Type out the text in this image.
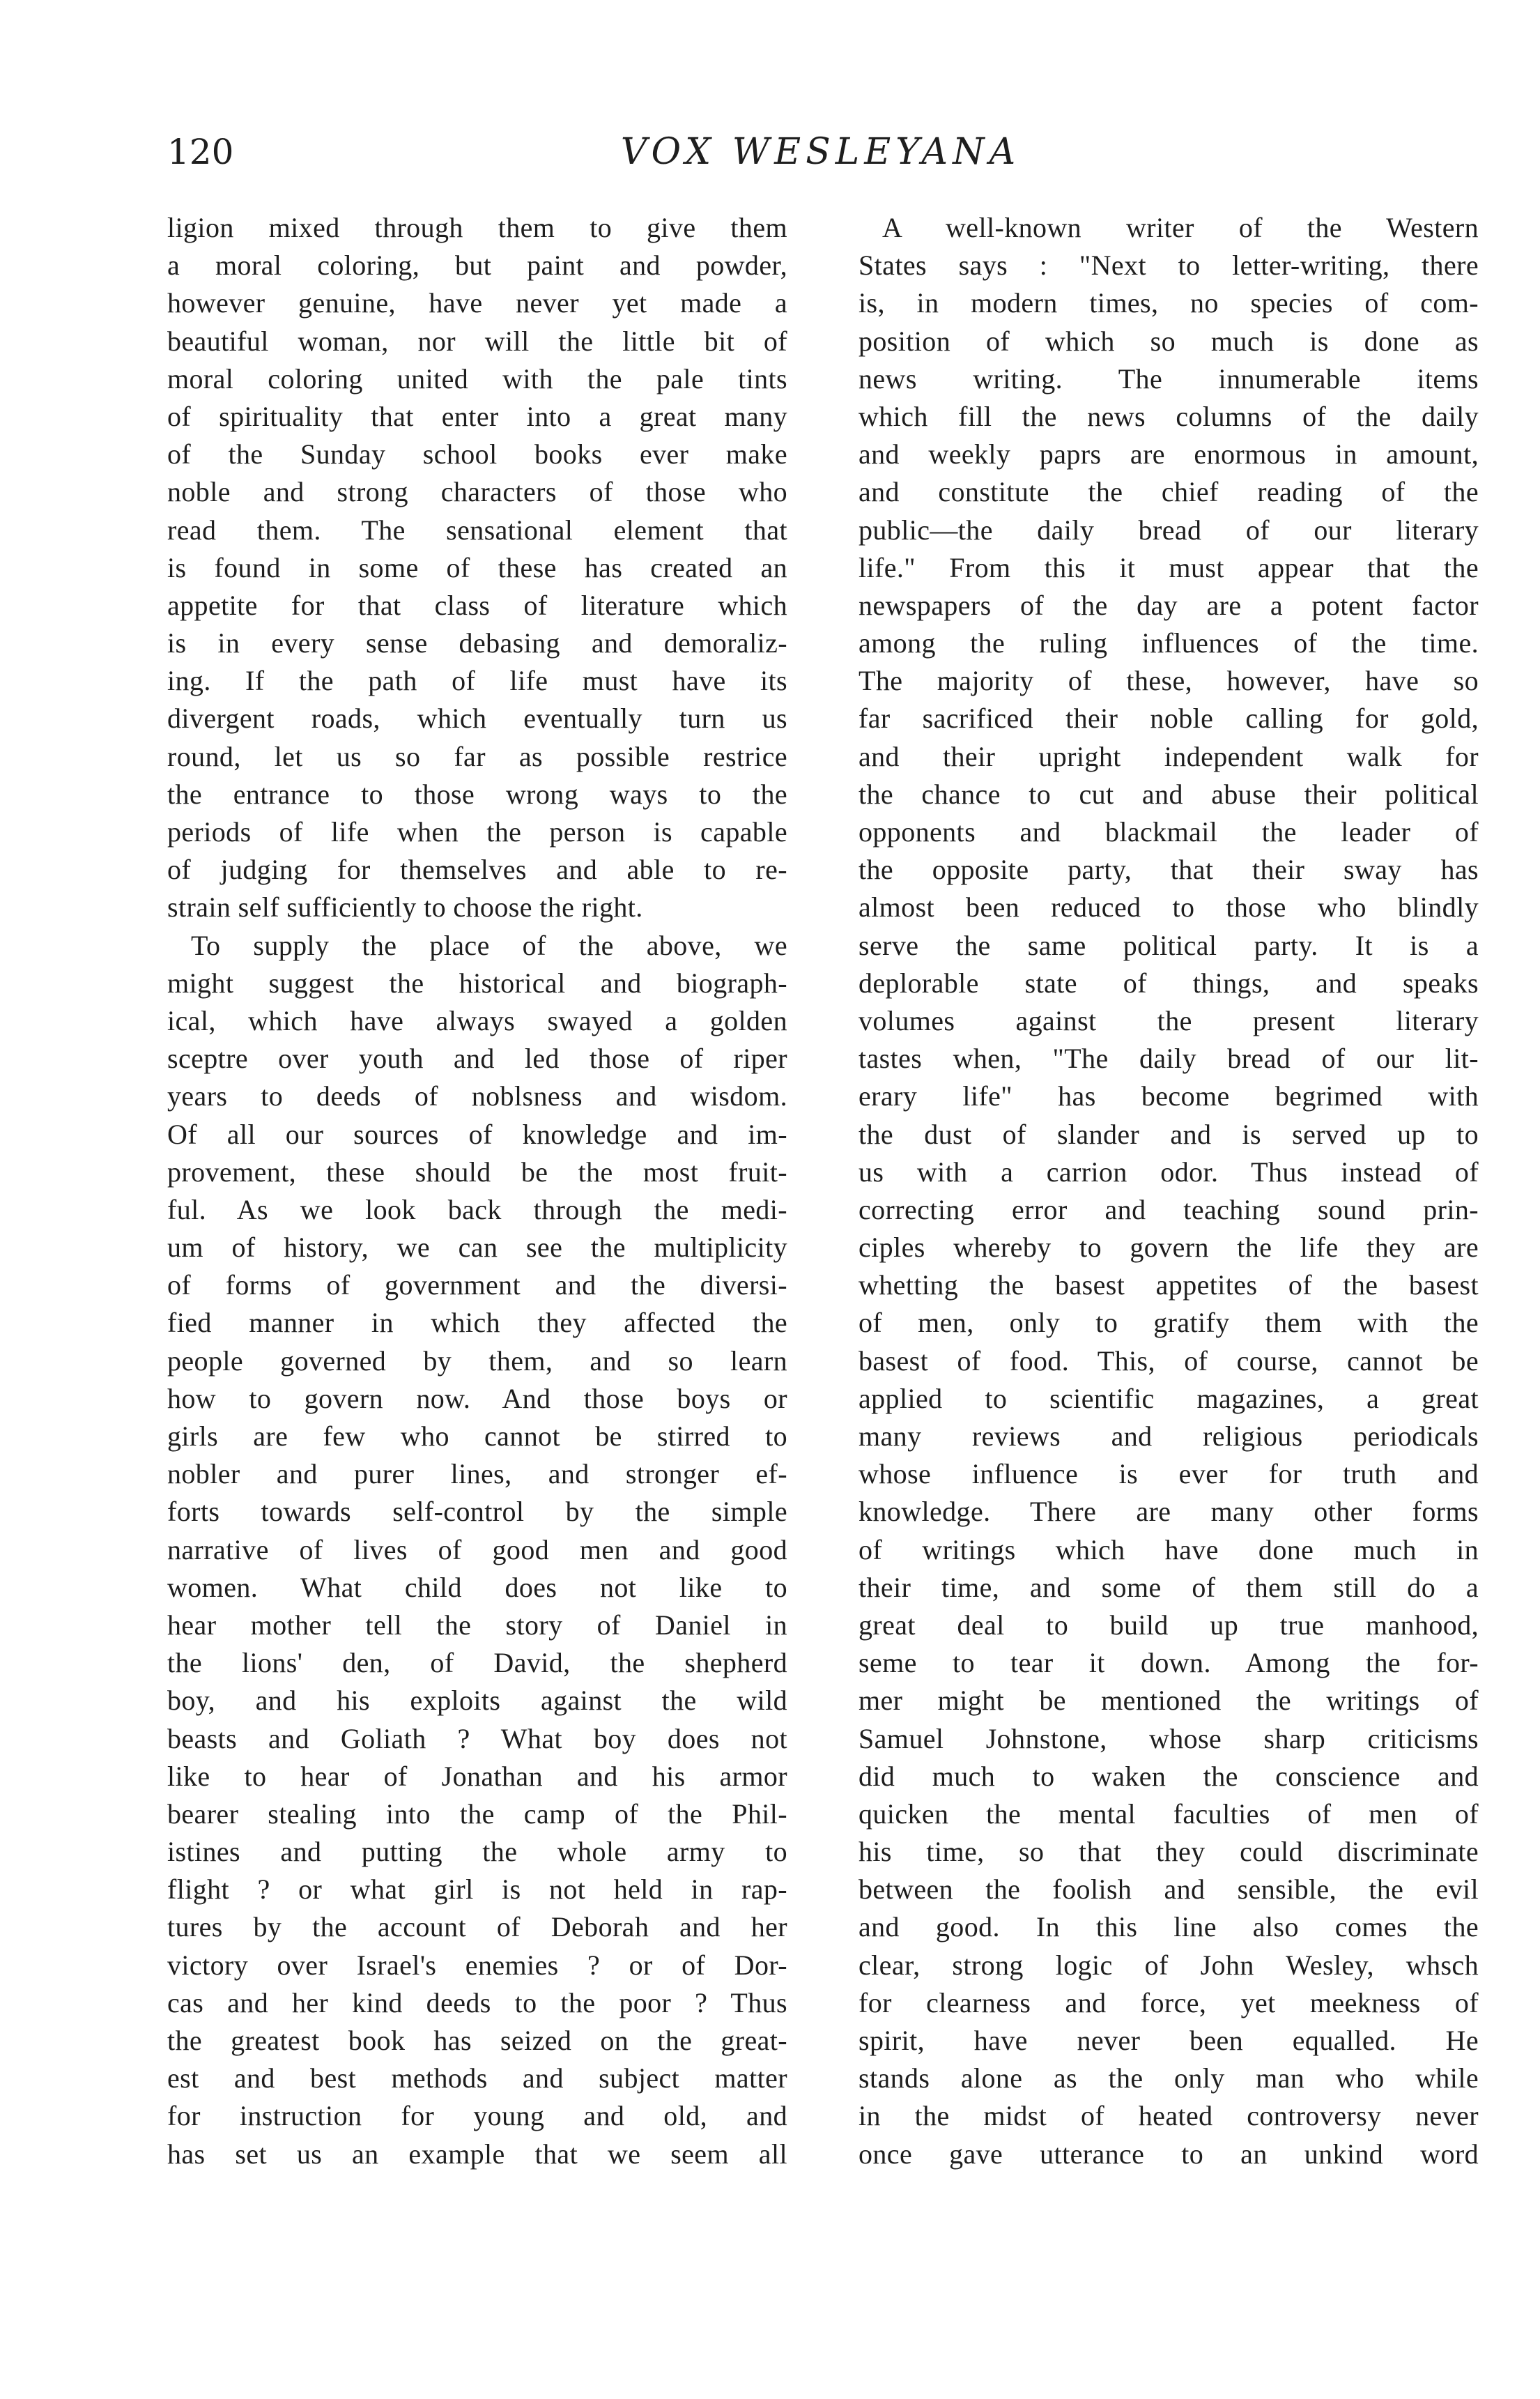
120	VOX WESLEYANA
ligion mixed through them to give them
a moral coloring, but paint and powder,
however genuine, have never yet made a
beautiful woman, nor will the little bit of
moral coloring united with the pale tints
of spirituality that enter into a great many
of the Sunday school books ever make
noble and strong characters of those who
read them. The sensational element that
is found in some of these has created an
appetite for that class of literature which
is in every sense debasing and demoraliz-
ing. If the path of life must have its
divergent roads, which eventually turn us
round, let us so far as possible restrice
the entrance to those wrong ways to the
periods of life when the person is capable
of judging for themselves and able to re-
strain self sufficiently to choose the right.
To supply the place of the above, we
might suggest the historical and biograph-
ical, which have always swayed a golden
sceptre over youth and led those of riper
years to deeds of noblsness and wisdom.
Of all our sources of knowledge and im-
provement, these should be the most fruit-
ful. As we look back through the medi-
um of history, we can see the multiplicity
of forms of government and the diversi-
fied manner in which they affected the
people governed by them, and so learn
how to govern now. And those boys or
girls are few who cannot be stirred to
nobler and purer lines, and stronger ef-
forts towards self-control by the simple
narrative of lives of good men and good
women. What child does not like to
hear mother tell the story of Daniel in
the lions' den, of David, the shepherd
boy, and his exploits against the wild
beasts and Goliath ? What boy does not
like to hear of Jonathan and his armor
bearer stealing into the camp of the Phil-
istines and putting the whole army to
flight ? or what girl is not held in rap-
tures by the account of Deborah and her
victory over Israel's enemies ? or of Dor-
cas and her kind deeds to the poor ? Thus
the greatest book has seized on the great-
est and best methods and subject matter
for instruction for young and old, and
has set us an example that we seem all
A well-known writer of the Western
States says : "Next to letter-writing, there
is, in modern times, no species of com-
position of which so much is done as
news writing. The innumerable items
which fill the news columns of the daily
and weekly paprs are enormous in amount,
and constitute the chief reading of the
public—the daily bread of our literary
life." From this it must appear that the
newspapers of the day are a potent factor
among the ruling influences of the time.
The majority of these, however, have so
far sacrificed their noble calling for gold,
and their upright independent walk for
the chance to cut and abuse their political
opponents and blackmail the leader of
the opposite party, that their sway has
almost been reduced to those who blindly
serve the same political party. It is a
deplorable state of things, and speaks
volumes against the present literary
tastes when, "The daily bread of our lit-
erary life" has become begrimed with
the dust of slander and is served up to
us with a carrion odor. Thus instead of
correcting error and teaching sound prin-
ciples whereby to govern the life they are
whetting the basest appetites of the basest
of men, only to gratify them with the
basest of food. This, of course, cannot be
applied to scientific magazines, a great
many reviews and religious periodicals
whose influence is ever for truth and
knowledge. There are many other forms
of writings which have done much in
their time, and some of them still do a
great deal to build up true manhood,
seme to tear it down. Among the for-
mer might be mentioned the writings of
Samuel Johnstone, whose sharp criticisms
did much to waken the conscience and
quicken the mental faculties of men of
his time, so that they could discriminate
between the foolish and sensible, the evil
and good. In this line also comes the
clear, strong logic of John Wesley, whsch
for clearness and force, yet meekness of
spirit, have never been equalled. He
stands alone as the only man who while
in the midst of heated controversy never
once gave utterance to an unkind word
